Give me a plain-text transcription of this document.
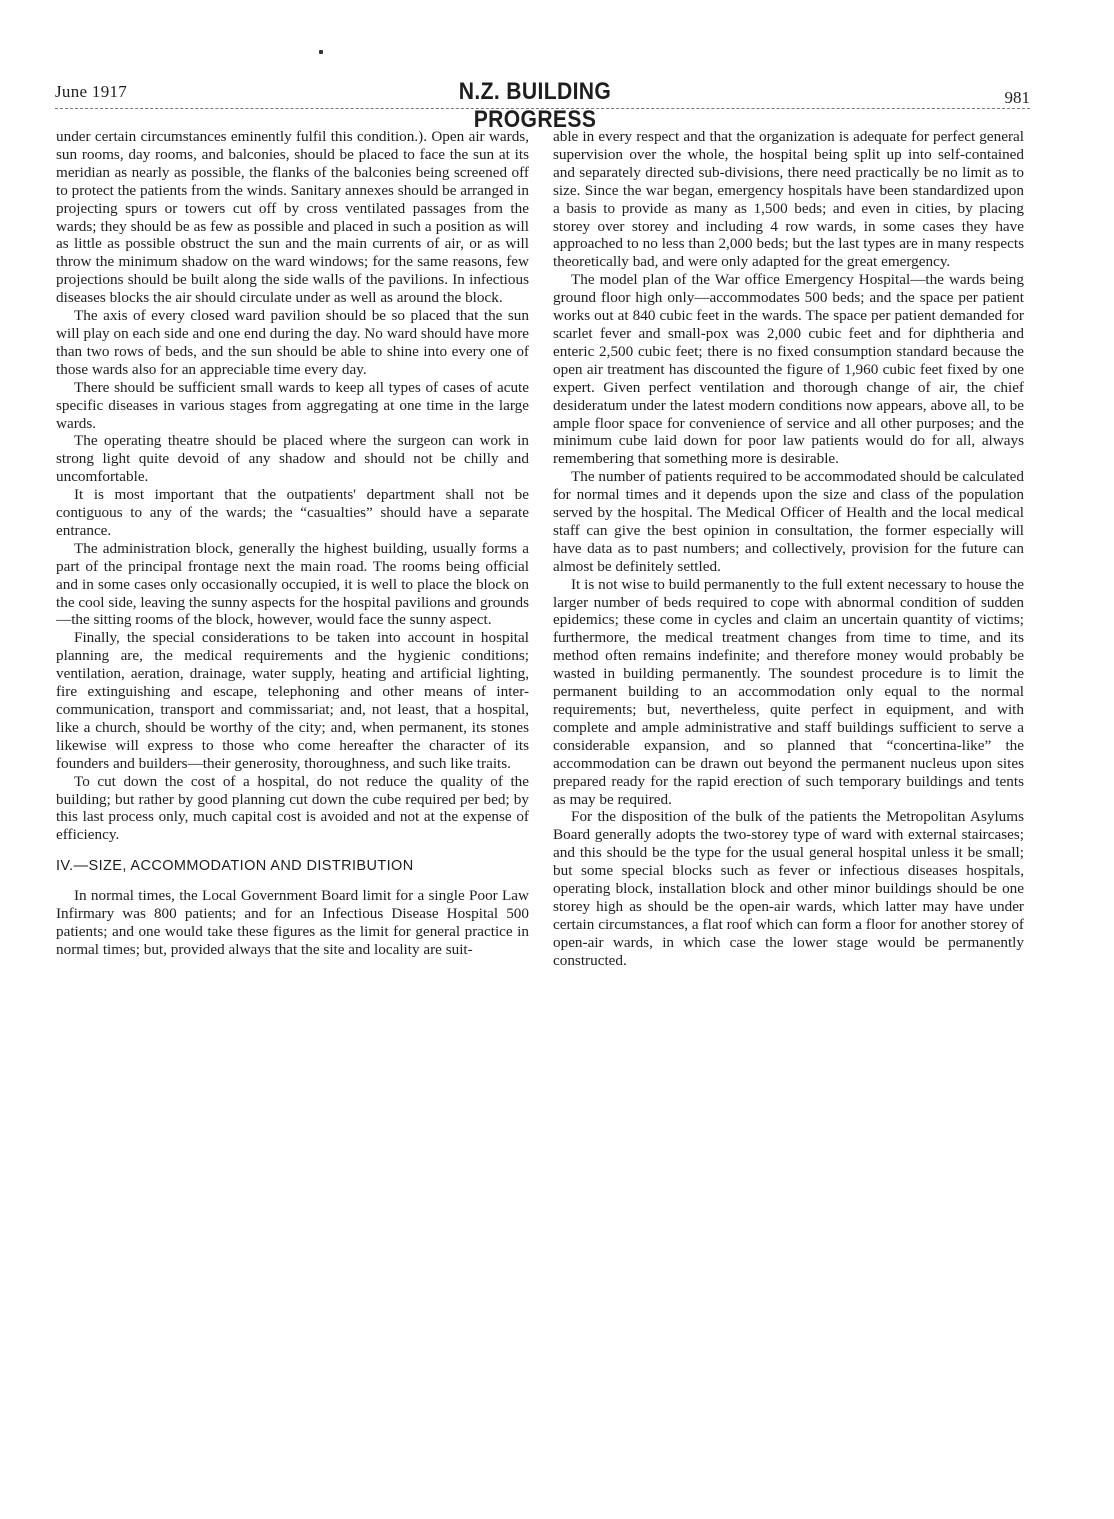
June 1917	N.Z. BUILDING PROGRESS
981

under certain circumstances eminently fulfil this condition.). Open air wards, sun rooms, day rooms, and balconies, should be placed to face the sun at its meridian as nearly as possible, the flanks of the balconies being screened off to protect the patients from the winds. Sanitary annexes should be arranged in projecting spurs or towers cut off by cross ventilated passages from the wards; they should be as few as possible and placed in such a position as will as little as possible obstruct the sun and the main currents of air, or as will throw the minimum shadow on the ward windows; for the same reasons, few projections should be built along the side walls of the pavilions. In infectious diseases blocks the air should circulate under as well as around the block.

The axis of every closed ward pavilion should be so placed that the sun will play on each side and one end during the day. No ward should have more than two rows of beds, and the sun should be able to shine into every one of those wards also for an appreciable time every day.

There should be sufficient small wards to keep all types of cases of acute specific diseases in various stages from aggregating at one time in the large wards.

The operating theatre should be placed where the surgeon can work in strong light quite devoid of any shadow and should not be chilly and uncomfortable.

It is most important that the outpatients' department shall not be contiguous to any of the wards; the “casualties” should have a separate entrance.

The administration block, generally the highest building, usually forms a part of the principal frontage next the main road. The rooms being official and in some cases only occasionally occupied, it is well to place the block on the cool side, leaving the sunny aspects for the hospital pavilions and grounds—the sitting rooms of the block, however, would face the sunny aspect.

Finally, the special considerations to be taken into account in hospital planning are, the medical requirements and the hygienic conditions; ventilation, aeration, drainage, water supply, heating and artificial lighting, fire extinguishing and escape, telephoning and other means of inter-communication, transport and commissariat; and, not least, that a hospital, like a church, should be worthy of the city; and, when permanent, its stones likewise will express to those who come hereafter the character of its founders and builders—their generosity, thoroughness, and such like traits.

To cut down the cost of a hospital, do not reduce the quality of the building; but rather by good planning cut down the cube required per bed; by this last process only, much capital cost is avoided and not at the expense of efficiency.

IV.—SIZE, ACCOMMODATION AND DISTRIBUTION

In normal times, the Local Government Board limit for a single Poor Law Infirmary was 800 patients; and for an Infectious Disease Hospital 500 patients; and one would take these figures as the limit for general practice in normal times; but, provided always that the site and locality are suit-

able in every respect and that the organization is adequate for perfect general supervision over the whole, the hospital being split up into self-contained and separately directed sub-divisions, there need practically be no limit as to size. Since the war began, emergency hospitals have been standardized upon a basis to provide as many as 1,500 beds; and even in cities, by placing storey over storey and including 4 row wards, in some cases they have approached to no less than 2,000 beds; but the last types are in many respects theoretically bad, and were only adapted for the great emergency.

The model plan of the War office Emergency Hospital—the wards being ground floor high only—accommodates 500 beds; and the space per patient works out at 840 cubic feet in the wards. The space per patient demanded for scarlet fever and small-pox was 2,000 cubic feet and for diphtheria and enteric 2,500 cubic feet; there is no fixed consumption standard because the open air treatment has discounted the figure of 1,960 cubic feet fixed by one expert. Given perfect ventilation and thorough change of air, the chief desideratum under the latest modern conditions now appears, above all, to be ample floor space for convenience of service and all other purposes; and the minimum cube laid down for poor law patients would do for all, always remembering that something more is desirable.

The number of patients required to be accommodated should be calculated for normal times and it depends upon the size and class of the population served by the hospital. The Medical Officer of Health and the local medical staff can give the best opinion in consultation, the former especially will have data as to past numbers; and collectively, provision for the future can almost be definitely settled.

It is not wise to build permanently to the full extent necessary to house the larger number of beds required to cope with abnormal condition of sudden epidemics; these come in cycles and claim an uncertain quantity of victims; furthermore, the medical treatment changes from time to time, and its method often remains indefinite; and therefore money would probably be wasted in building permanently. The soundest procedure is to limit the permanent building to an accommodation only equal to the normal requirements; but, nevertheless, quite perfect in equipment, and with complete and ample administrative and staff buildings sufficient to serve a considerable expansion, and so planned that “concertina-like” the accommodation can be drawn out beyond the permanent nucleus upon sites prepared ready for the rapid erection of such temporary buildings and tents as may be required.

For the disposition of the bulk of the patients the Metropolitan Asylums Board generally adopts the two-storey type of ward with external staircases; and this should be the type for the usual general hospital unless it be small; but some special blocks such as fever or infectious diseases hospitals, operating block, installation block and other minor buildings should be one storey high as should be the open-air wards, which latter may have under certain circumstances, a flat roof which can form a floor for another storey of open-air wards, in which case the lower stage would be permanently constructed.
